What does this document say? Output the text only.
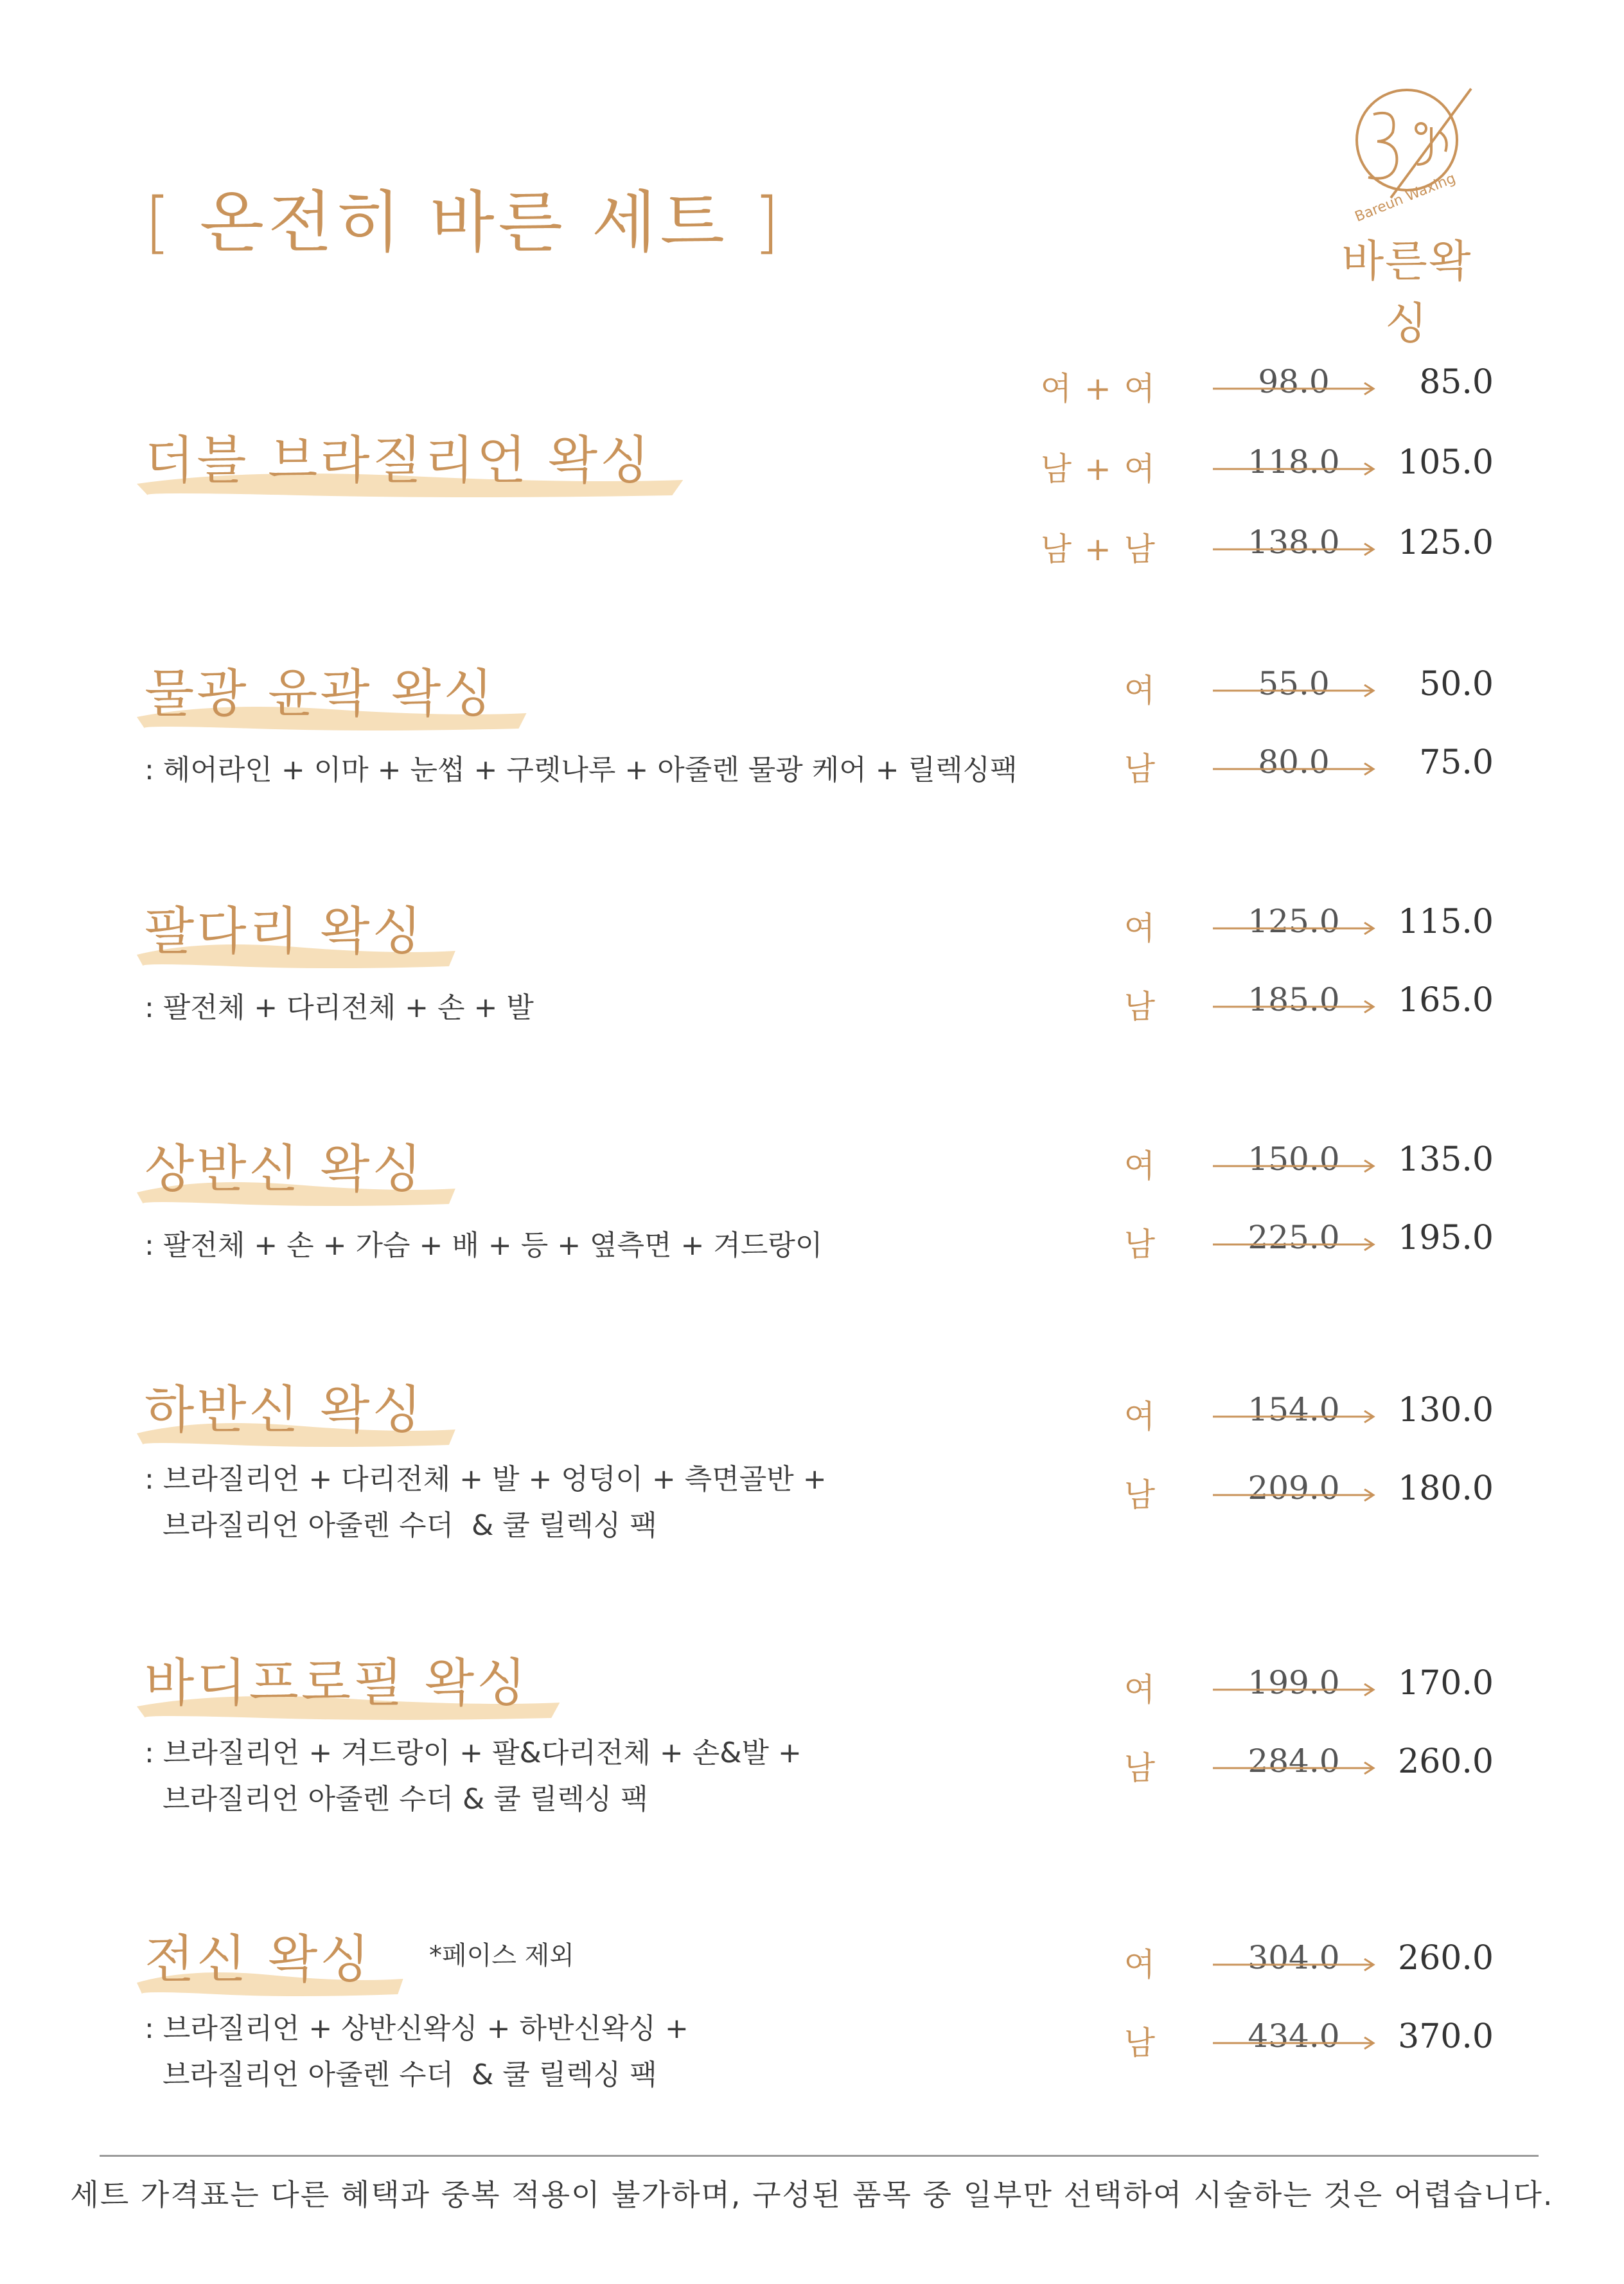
[ 온전히 바른 세트 ]	Bareun Waxing
바른왁싱
더블 브라질리언 왁싱
여 + 여	98.0	85.0
남 + 여	118.0	105.0
남 + 남	138.0	125.0
물광 윤곽 왁싱
: 헤어라인 + 이마 + 눈썹 + 구렛나루 + 아줄렌 물광 케어 + 릴렉싱팩
여	55.0	50.0
남	80.0	75.0
팔다리 왁싱
: 팔전체 + 다리전체 + 손 + 발
여	125.0	115.0
남	185.0	165.0
상반신 왁싱
: 팔전체 + 손 + 가슴 + 배 + 등 + 옆측면 + 겨드랑이
여	150.0	135.0
남	225.0	195.0
하반신 왁싱
: 브라질리언 + 다리전체 + 발 + 엉덩이 + 측면골반 +
브라질리언 아줄렌 수더  & 쿨 릴렉싱 팩
여	154.0	130.0
남	209.0	180.0
바디프로필 왁싱
: 브라질리언 + 겨드랑이 + 팔&다리전체 + 손&발 +
브라질리언 아줄렌 수더 & 쿨 릴렉싱 팩
여	199.0	170.0
남	284.0	260.0
전신 왁싱	*페이스 제외
: 브라질리언 + 상반신왁싱 + 하반신왁싱 +
브라질리언 아줄렌 수더  & 쿨 릴렉싱 팩
여	304.0	260.0
남	434.0	370.0
세트 가격표는 다른 혜택과 중복 적용이 불가하며, 구성된 품목 중 일부만 선택하여 시술하는 것은 어렵습니다.
